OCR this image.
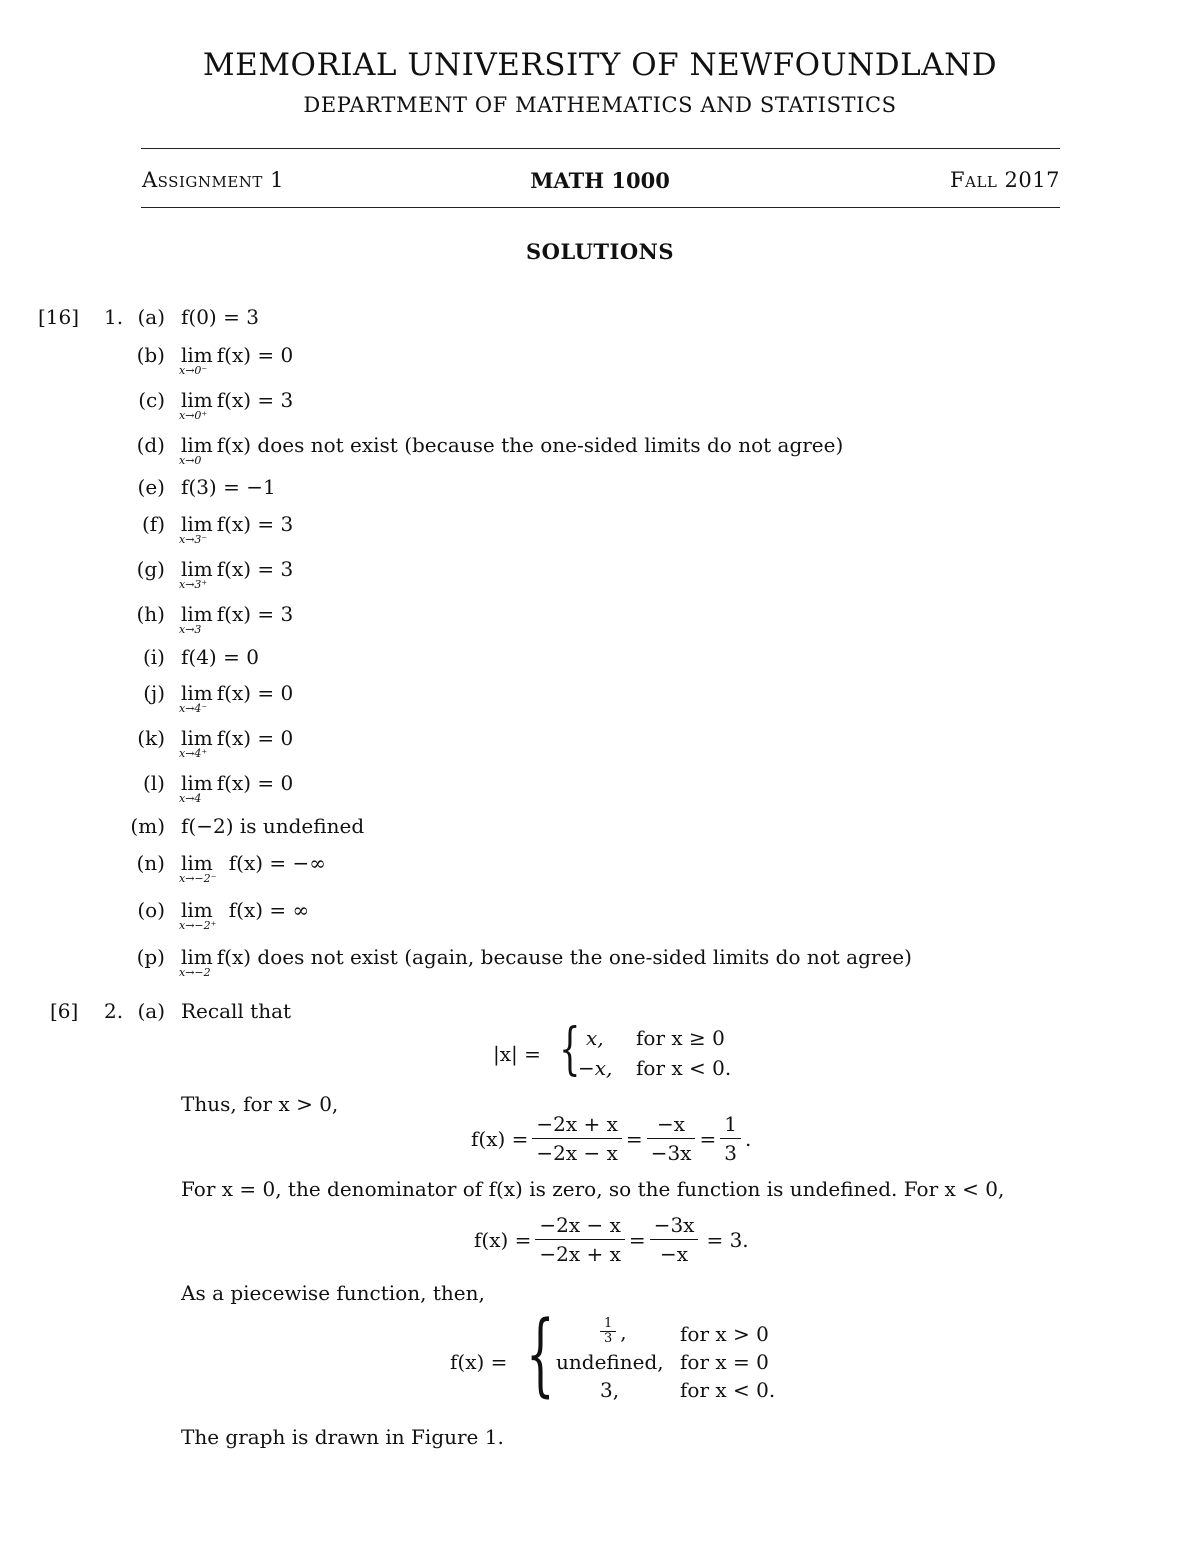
MEMORIAL UNIVERSITY OF NEWFOUNDLAND
DEPARTMENT OF MATHEMATICS AND STATISTICS
Assignment 1	MATH 1000	Fall 2017
SOLUTIONS
[16] 1. (a) f(0) = 3
(b) lim
x→0⁻
f(x) = 0
(c) lim
x→0⁺
f(x) = 3
(d) lim
x→0
f(x) does not exist (because the one-sided limits do not agree)
(e) f(3) = −1
(f) lim
x→3⁻
f(x) = 3
(g) lim
x→3⁺
f(x) = 3
(h) lim
x→3
f(x) = 3
(i) f(4) = 0
(j) lim
x→4⁻
f(x) = 0
(k) lim
x→4⁺
f(x) = 0
(l) lim
x→4
f(x) = 0
(m) f(−2) is undefined
(n) lim
x→−2⁻
f(x) = −∞
(o) lim
x→−2⁺
f(x) = ∞
(p) lim
x→−2
f(x) does not exist (again, because the one-sided limits do not agree)
[6] 2. (a) Recall that
|x| = { x, for x ≥ 0
−x, for x < 0.
Thus, for x > 0,
$f(x) = \frac{-2x + x}{-2x - x} = \frac{-x}{-3x} = \frac{1}{3}$ .
For x = 0, the denominator of f(x) is zero, so the function is undefined. For x < 0,
$f(x) = \frac{-2x - x}{-2x + x} = \frac{-3x}{-x} = 3$.
As a piecewise function, then,
f(x) = {	$\frac{1}{3}$ ,	for x > 0
undefined, for x = 0
3,	for x < 0.
The graph is drawn in Figure 1.
